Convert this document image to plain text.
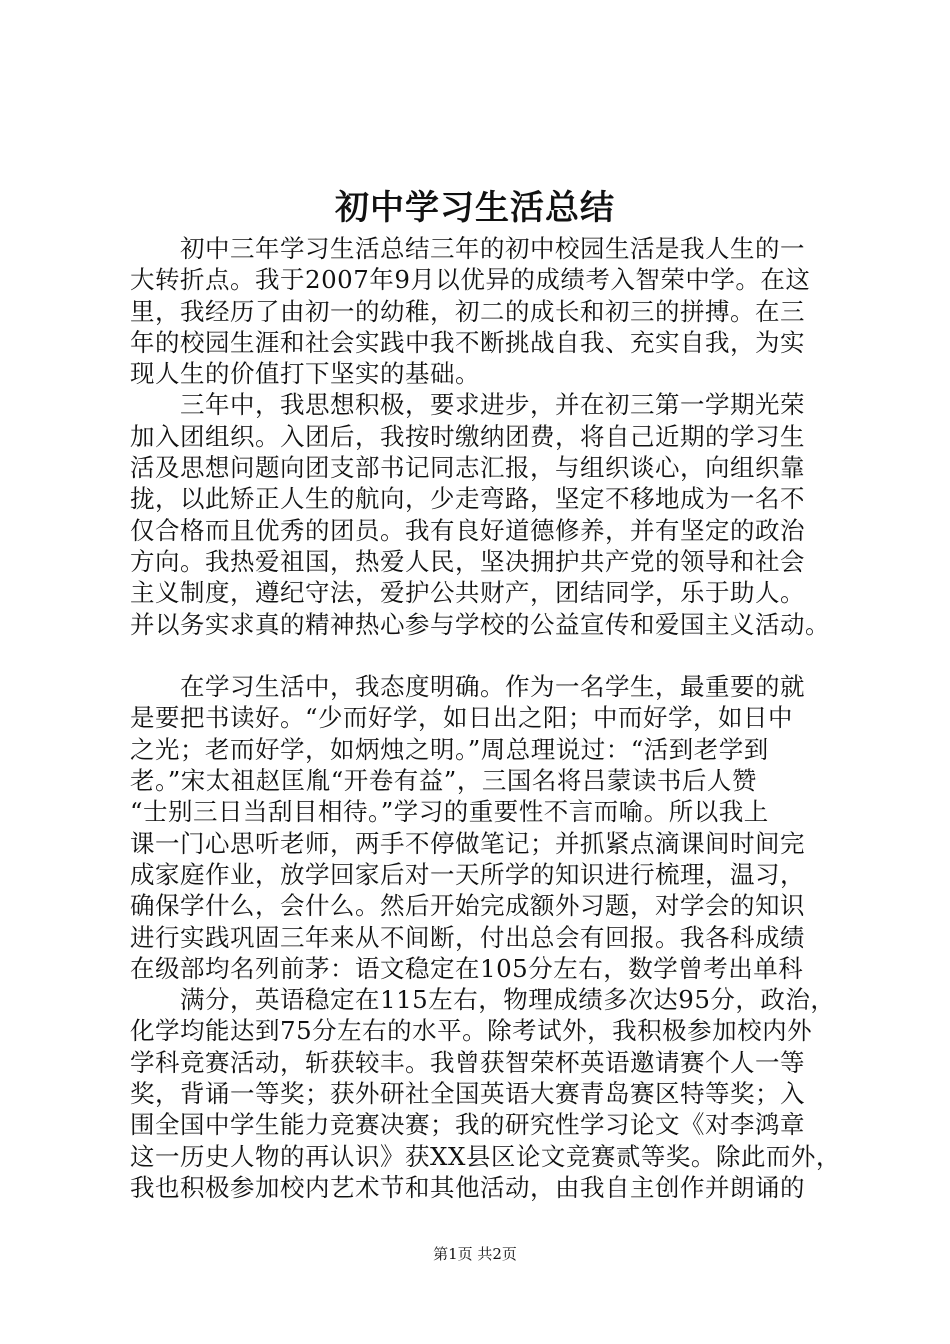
初中学习生活总结
　　初中三年学习生活总结三年的初中校园生活是我人生的一
大转折点。我于2007年9月以优异的成绩考入智荣中学。在这
里，我经历了由初一的幼稚，初二的成长和初三的拼搏。在三
年的校园生涯和社会实践中我不断挑战自我、充实自我，为实
现人生的价值打下坚实的基础。
　　三年中，我思想积极，要求进步，并在初三第一学期光荣
加入团组织。入团后，我按时缴纳团费，将自己近期的学习生
活及思想问题向团支部书记同志汇报，与组织谈心，向组织靠
拢，以此矫正人生的航向，少走弯路，坚定不移地成为一名不
仅合格而且优秀的团员。我有良好道德修养，并有坚定的政治
方向。我热爱祖国，热爱人民，坚决拥护共产党的领导和社会
主义制度，遵纪守法，爱护公共财产，团结同学，乐于助人。
并以务实求真的精神热心参与学校的公益宣传和爱国主义活动。
　　在学习生活中，我态度明确。作为一名学生，最重要的就
是要把书读好。“少而好学，如日出之阳；中而好学，如日中
之光；老而好学，如炳烛之明。”周总理说过：“活到老学到
老。”宋太祖赵匡胤“开卷有益”，三国名将吕蒙读书后人赞
“士别三日当刮目相待。”学习的重要性不言而喻。所以我上
课一门心思听老师，两手不停做笔记；并抓紧点滴课间时间完
成家庭作业，放学回家后对一天所学的知识进行梳理，温习，
确保学什么，会什么。然后开始完成额外习题，对学会的知识
进行实践巩固三年来从不间断，付出总会有回报。我各科成绩
在级部均名列前茅：语文稳定在105分左右，数学曾考出单科
　　满分，英语稳定在115左右，物理成绩多次达95分，政治，
化学均能达到75分左右的水平。除考试外，我积极参加校内外
学科竞赛活动，斩获较丰。我曾获智荣杯英语邀请赛个人一等
奖，背诵一等奖；获外研社全国英语大赛青岛赛区特等奖；入
围全国中学生能力竞赛决赛；我的研究性学习论文《对李鸿章
这一历史人物的再认识》获XX县区论文竞赛贰等奖。除此而外，
我也积极参加校内艺术节和其他活动，由我自主创作并朗诵的
第1页 共2页
